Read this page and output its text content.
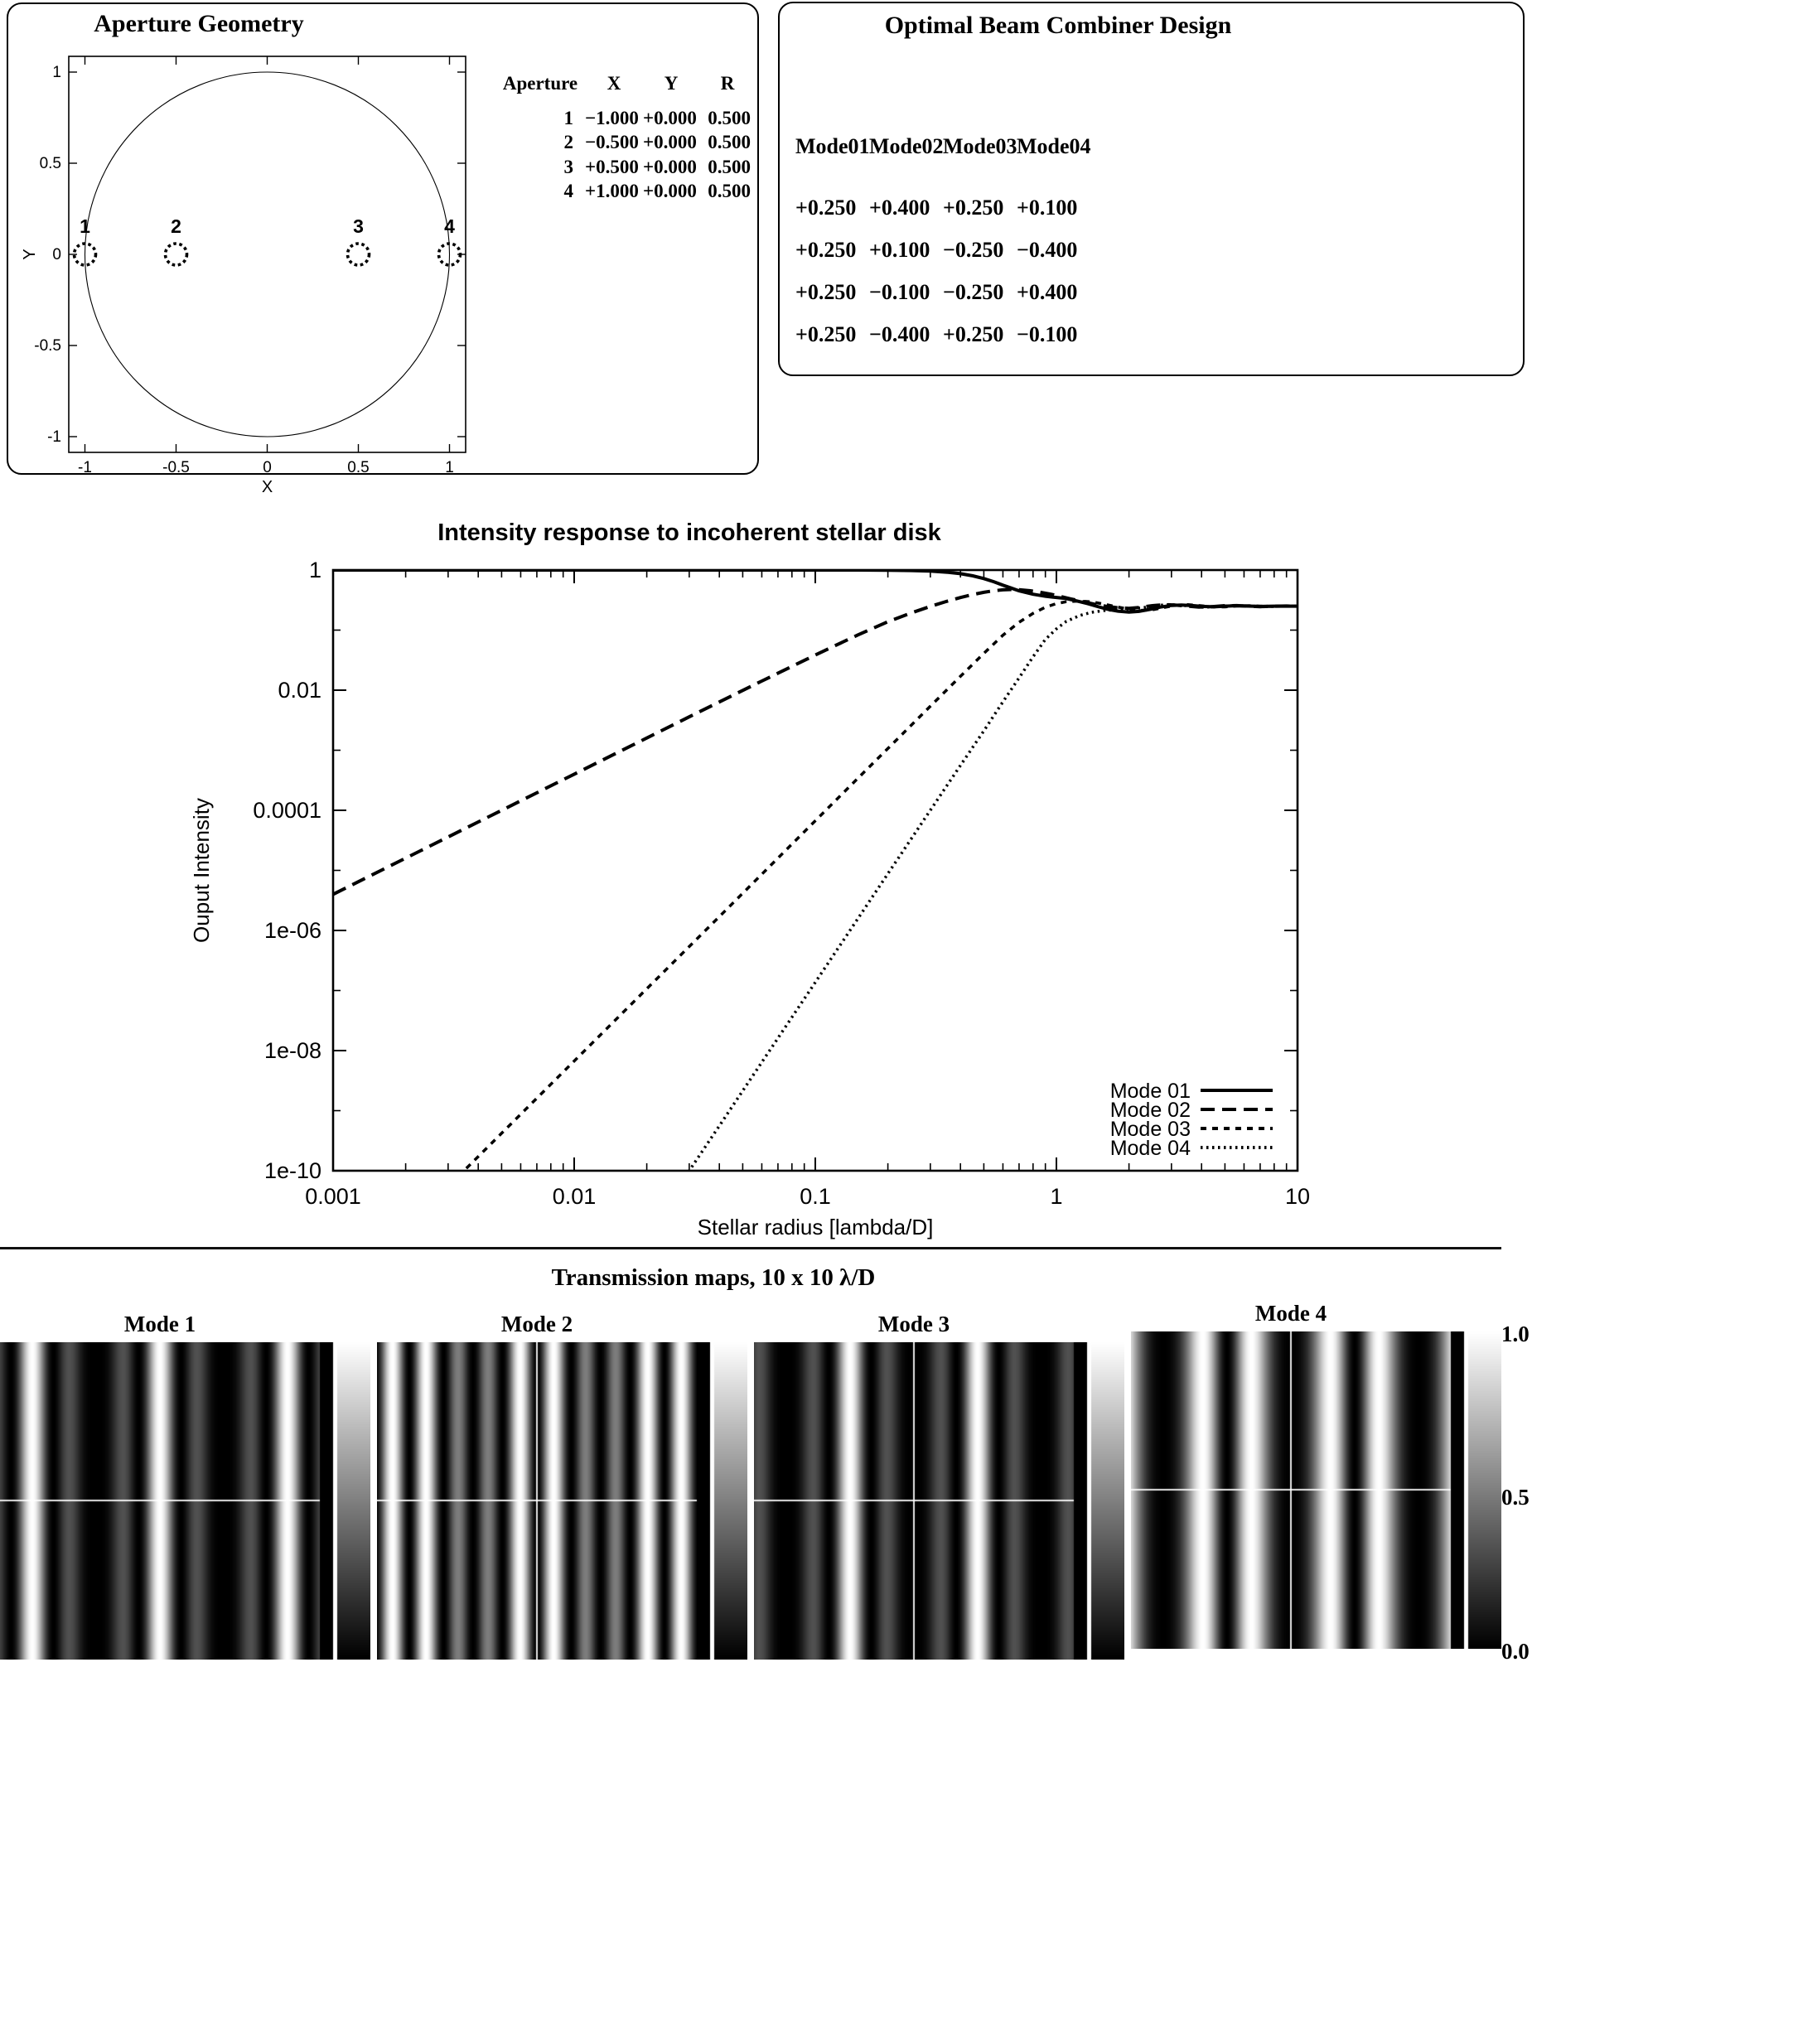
Aperture Geometry
-1	-0.5	0	0.5	1
1
0.5
0
-0.5
-1
X
Y
1	2	3	4
Aperture	X	Y	R
1 −1.000 +0.000 0.500
2 −0.500 +0.000 0.500
3 +0.500 +0.000 0.500
4 +1.000 +0.000 0.500
Optimal Beam Combiner Design
Mode01 Mode02 Mode03 Mode04
+0.250 +0.400 +0.250 +0.100
+0.250 +0.100 −0.250 −0.400
+0.250 −0.100 −0.250 +0.400
+0.250 −0.400 +0.250 −0.100
0.001	0.01	0.1	1	10
1
0.01
0.0001
1e-06
1e-08
1e-10
Intensity response to incoherent stellar disk
Stellar radius [lambda/D]
Ouput Intensity
Mode 01
Mode 02
Mode 03
Mode 04
Transmission maps, 10 x 10 λ/D
Mode 1	Mode 2	Mode 3	Mode 4
1.0
0.5
0.0
